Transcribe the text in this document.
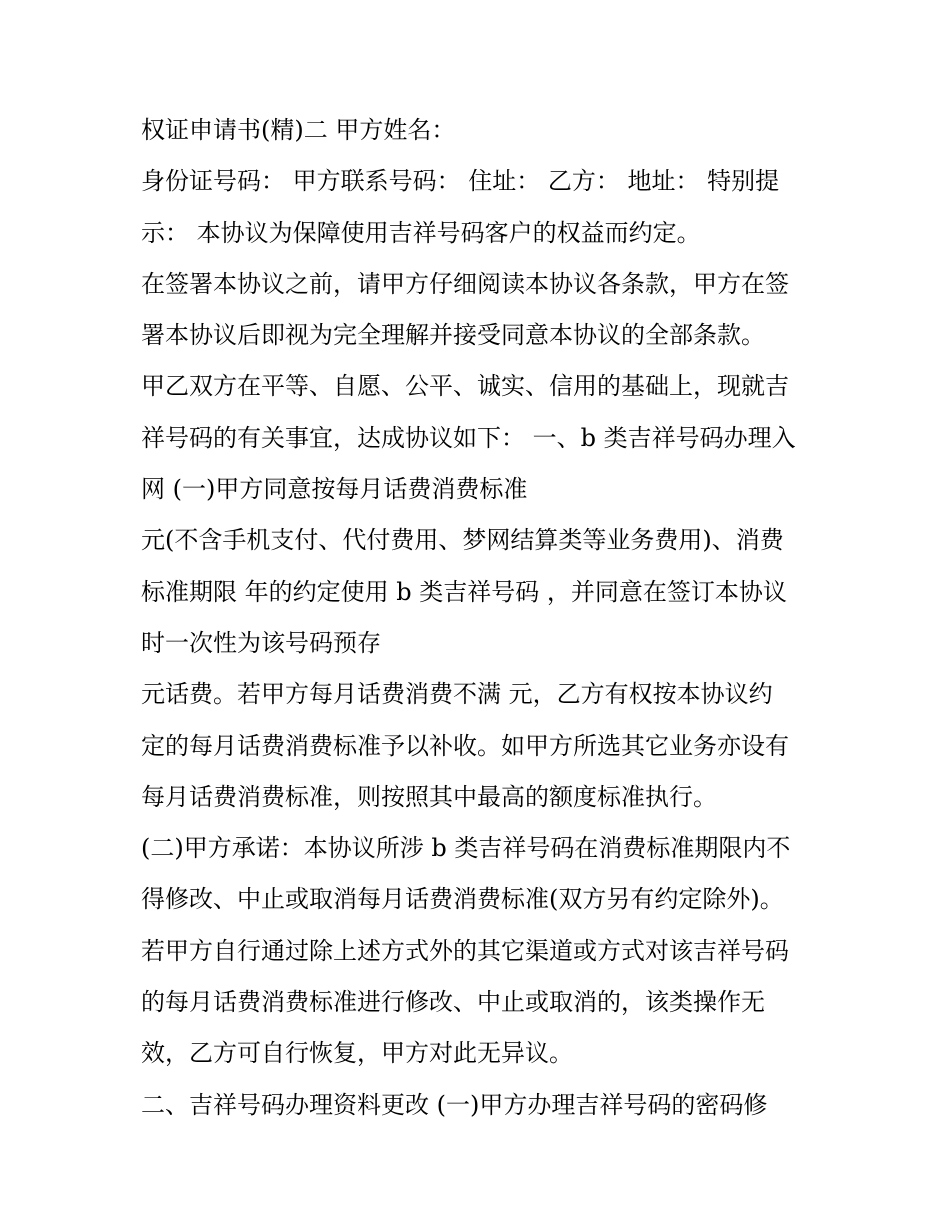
权证申请书(精)二 甲方姓名：
身份证号码： 甲方联系号码： 住址： 乙方： 地址： 特别提
示： 本协议为保障使用吉祥号码客户的权益而约定。
在签署本协议之前，请甲方仔细阅读本协议各条款，甲方在签
署本协议后即视为完全理解并接受同意本协议的全部条款。
甲乙双方在平等、自愿、公平、诚实、信用的基础上，现就吉
祥号码的有关事宜，达成协议如下： 一、b 类吉祥号码办理入
网 (一)甲方同意按每月话费消费标准
元(不含手机支付、代付费用、梦网结算类等业务费用)、消费
标准期限 年的约定使用 b 类吉祥号码 ，并同意在签订本协议
时一次性为该号码预存
元话费。若甲方每月话费消费不满 元，乙方有权按本协议约
定的每月话费消费标准予以补收。如甲方所选其它业务亦设有
每月话费消费标准，则按照其中最高的额度标准执行。
(二)甲方承诺：本协议所涉 b 类吉祥号码在消费标准期限内不
得修改、中止或取消每月话费消费标准(双方另有约定除外)。
若甲方自行通过除上述方式外的其它渠道或方式对该吉祥号码
的每月话费消费标准进行修改、中止或取消的，该类操作无
效，乙方可自行恢复，甲方对此无异议。
二、吉祥号码办理资料更改 (一)甲方办理吉祥号码的密码修
